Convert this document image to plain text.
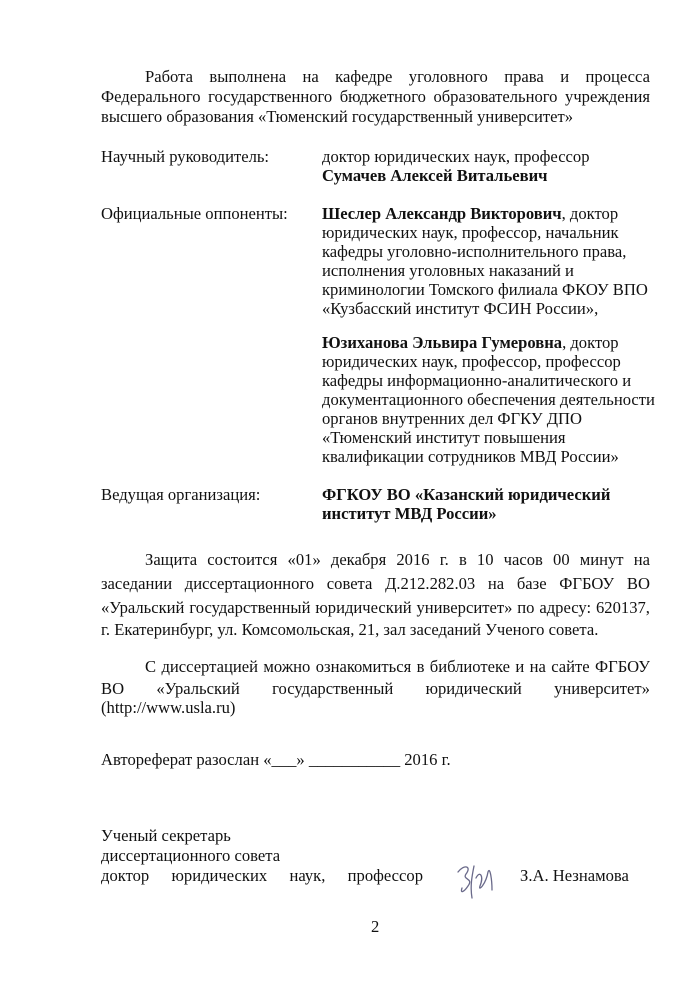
Работа выполнена на кафедре уголовного права и процесса
Федерального государственного бюджетного образовательного учреждения
высшего образования «Тюменский государственный университет»
Научный руководитель:	доктор юридических наук, профессор
Сумачев Алексей Витальевич
Официальные оппоненты: Шеслер Александр Викторович, доктор
юридических наук, профессор, начальник
кафедры уголовно-исполнительного права,
исполнения уголовных наказаний и
криминологии Томского филиала ФКОУ ВПО
«Кузбасский институт ФСИН России»,
Юзиханова Эльвира Гумеровна, доктор
юридических наук, профессор, профессор
кафедры информационно-аналитического и
документационного обеспечения деятельности
органов внутренних дел ФГКУ ДПО
«Тюменский институт повышения
квалификации сотрудников МВД России»
Ведущая организация:	ФГКОУ ВО «Казанский юридический
институт МВД России»
Защита состоится «01» декабря 2016 г. в 10 часов 00 минут на
заседании диссертационного совета Д.212.282.03 на базе ФГБОУ ВО
«Уральский государственный юридический университет» по адресу: 620137,
г. Екатеринбург, ул. Комсомольская, 21, зал заседаний Ученого совета.
С диссертацией можно ознакомиться в библиотеке и на сайте ФГБОУ
ВО «Уральский государственный юридический университет»
(http://www.usla.ru)
Автореферат разослан «___» ___________ 2016 г.
Ученый секретарь
диссертационного совета
доктор юридических наук, профессор	З.А. Незнамова
2
